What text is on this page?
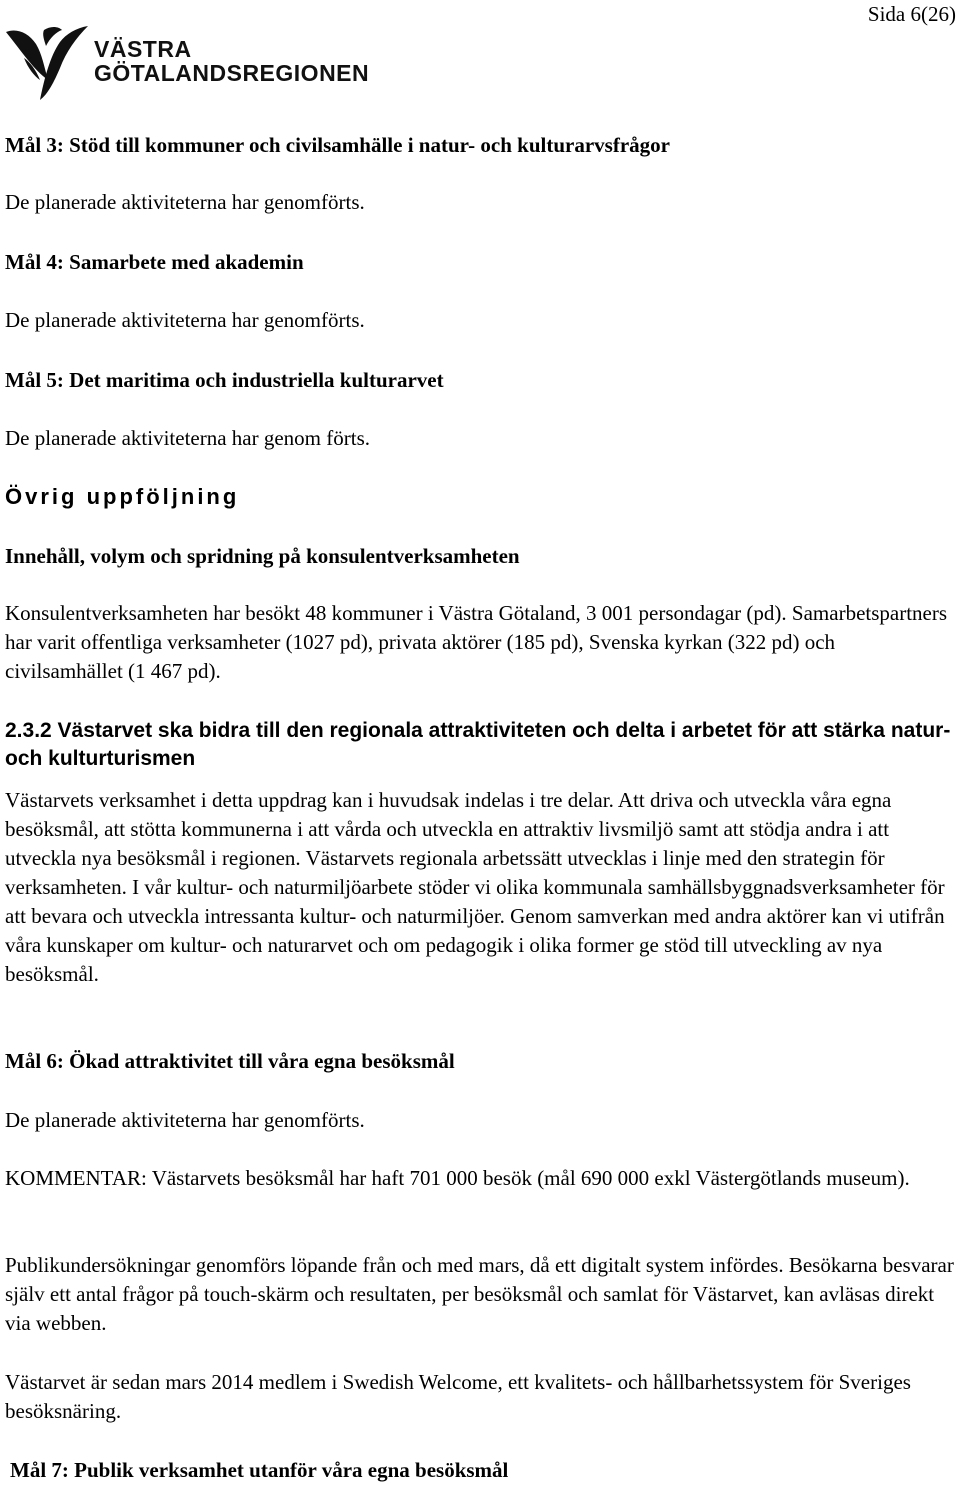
Sida 6(26)
VÄSTRA
GÖTALANDSREGIONEN
Mål 3: Stöd till kommuner och civilsamhälle i natur- och kulturarvsfrågor
De planerade aktiviteterna har genomförts.
Mål 4: Samarbete med akademin
De planerade aktiviteterna har genomförts.
Mål 5: Det maritima och industriella kulturarvet
De planerade aktiviteterna har genom förts.
Övrig uppföljning
Innehåll, volym och spridning på konsulentverksamheten
Konsulentverksamheten har besökt 48 kommuner i Västra Götaland, 3 001 persondagar (pd). Samarbetspartners har varit offentliga verksamheter (1027 pd), privata aktörer (185 pd), Svenska kyrkan (322 pd) och civilsamhället (1 467 pd).
2.3.2 Västarvet ska bidra till den regionala attraktiviteten och delta i arbetet för att stärka natur- och kulturturismen
Västarvets verksamhet i detta uppdrag kan i huvudsak indelas i tre delar. Att driva och utveckla våra egna besöksmål, att stötta kommunerna i att vårda och utveckla en attraktiv livsmiljö samt att stödja andra i att utveckla nya besöksmål i regionen. Västarvets regionala arbetssätt utvecklas i linje med den strategin för verksamheten. I vår kultur- och naturmiljöarbete stöder vi olika kommunala samhällsbyggnadsverksamheter för att bevara och utveckla intressanta kultur- och naturmiljöer. Genom samverkan med andra aktörer kan vi utifrån våra kunskaper om kultur- och naturarvet och om pedagogik i olika former ge stöd till utveckling av nya besöksmål.
Mål 6: Ökad attraktivitet till våra egna besöksmål
De planerade aktiviteterna har genomförts.
KOMMENTAR: Västarvets besöksmål har haft 701 000 besök (mål 690 000 exkl Västergötlands museum).
Publikundersökningar genomförs löpande från och med mars, då ett digitalt system infördes. Besökarna besvarar själv ett antal frågor på touch-skärm och resultaten, per besöksmål och samlat för Västarvet, kan avläsas direkt via webben.
Västarvet är sedan mars 2014 medlem i Swedish Welcome, ett kvalitets- och hållbarhetssystem för Sveriges besöksnäring.
Mål 7: Publik verksamhet utanför våra egna besöksmål
